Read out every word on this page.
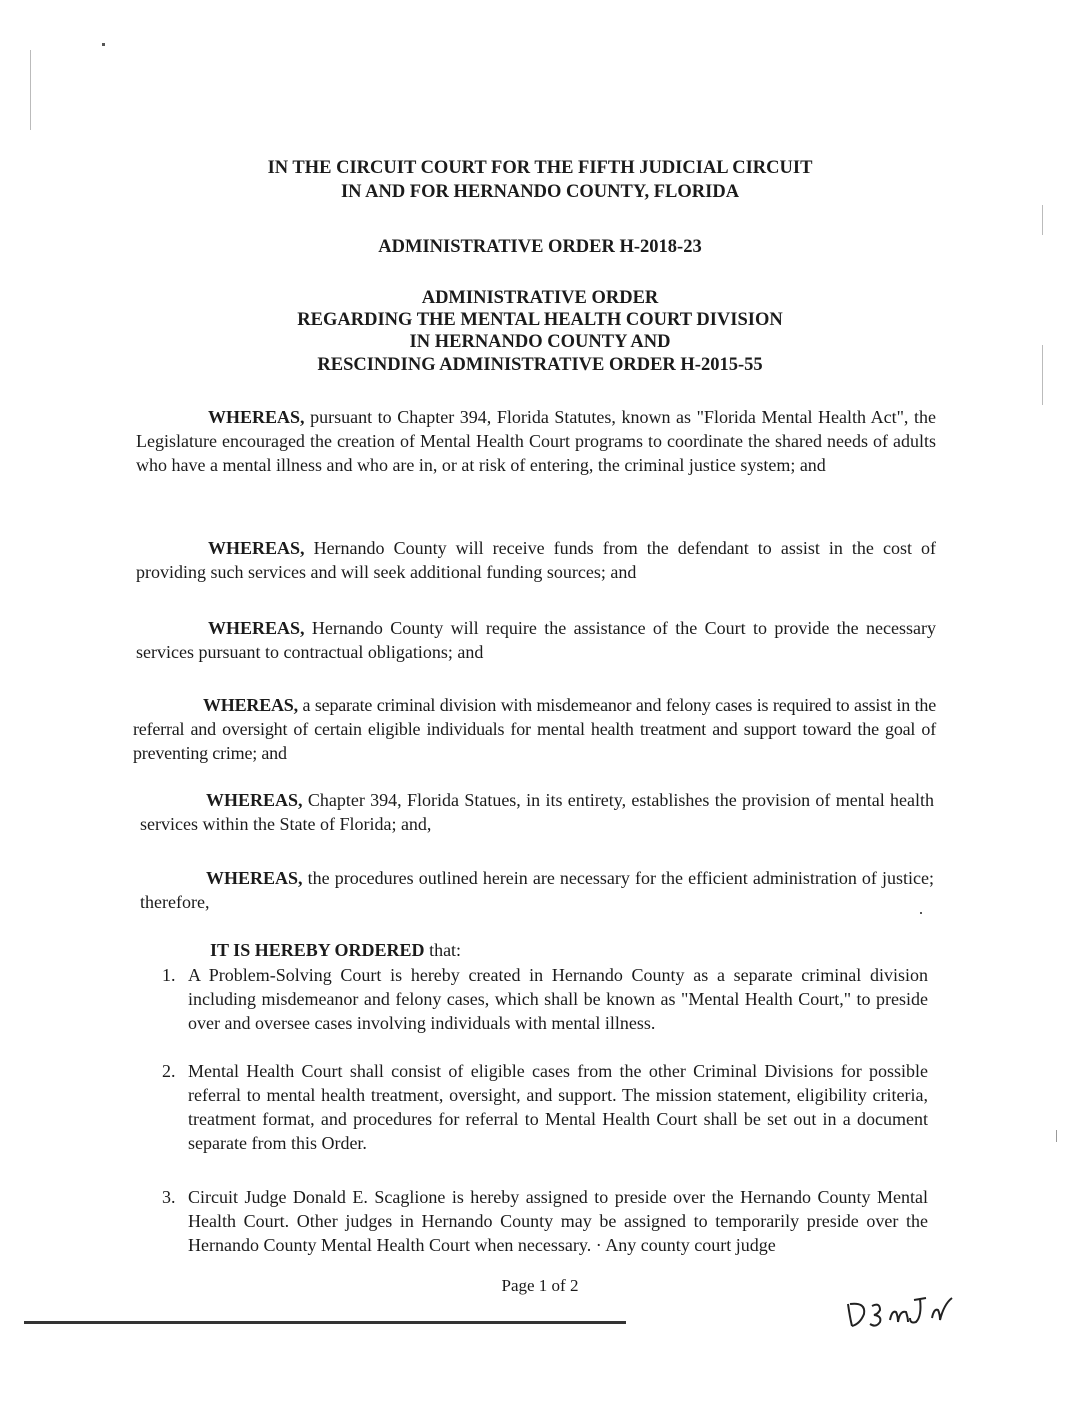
IN THE CIRCUIT COURT FOR THE FIFTH JUDICIAL CIRCUIT
IN AND FOR HERNANDO COUNTY, FLORIDA
ADMINISTRATIVE ORDER H-2018-23
ADMINISTRATIVE ORDER
REGARDING THE MENTAL HEALTH COURT DIVISION
IN HERNANDO COUNTY AND
RESCINDING ADMINISTRATIVE ORDER H-2015-55
WHEREAS, pursuant to Chapter 394, Florida Statutes, known as "Florida Mental Health Act", the Legislature encouraged the creation of Mental Health Court programs to coordinate the shared needs of adults who have a mental illness and who are in, or at risk of entering, the criminal justice system; and
WHEREAS, Hernando County will receive funds from the defendant to assist in the cost of providing such services and will seek additional funding sources; and
WHEREAS, Hernando County will require the assistance of the Court to provide the necessary services pursuant to contractual obligations; and
WHEREAS, a separate criminal division with misdemeanor and felony cases is required to assist in the referral and oversight of certain eligible individuals for mental health treatment and support toward the goal of preventing crime; and
WHEREAS, Chapter 394, Florida Statues, in its entirety, establishes the provision of mental health services within the State of Florida; and,
WHEREAS, the procedures outlined herein are necessary for the efficient administration of justice; therefore,
IT IS HEREBY ORDERED that:
1. A Problem-Solving Court is hereby created in Hernando County as a separate criminal division including misdemeanor and felony cases, which shall be known as "Mental Health Court," to preside over and oversee cases involving individuals with mental illness.
2. Mental Health Court shall consist of eligible cases from the other Criminal Divisions for possible referral to mental health treatment, oversight, and support. The mission statement, eligibility criteria, treatment format, and procedures for referral to Mental Health Court shall be set out in a document separate from this Order.
3. Circuit Judge Donald E. Scaglione is hereby assigned to preside over the Hernando County Mental Health Court. Other judges in Hernando County may be assigned to temporarily preside over the Hernando County Mental Health Court when necessary. · Any county court judge
Page 1 of 2
